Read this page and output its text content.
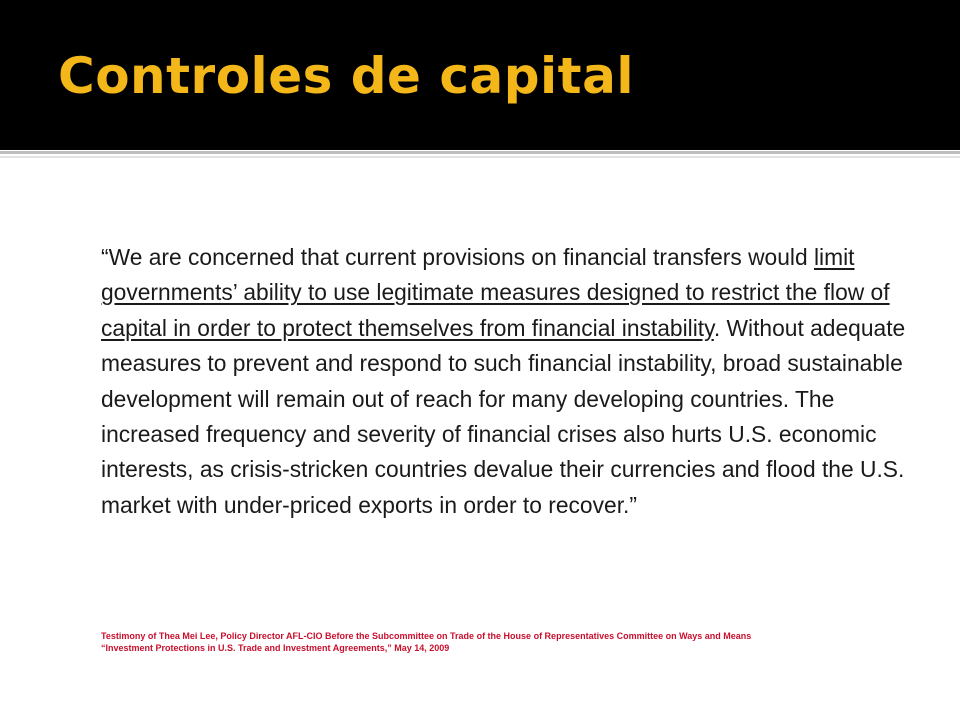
Controles de capital

“We are concerned that current provisions on financial transfers would limit governments’ ability to use legitimate measures designed to restrict the flow of capital in order to protect themselves from financial instability. Without adequate measures to prevent and respond to such financial instability, broad sustainable development will remain out of reach for many developing countries. The increased frequency and severity of financial crises also hurts U.S. economic interests, as crisis-stricken countries devalue their currencies and flood the U.S. market with under-priced exports in order to recover.”

Testimony of Thea Mei Lee, Policy Director AFL-CIO Before the Subcommittee on Trade of the House of Representatives Committee on Ways and Means
“Investment Protections in U.S. Trade and Investment Agreements,” May 14, 2009
